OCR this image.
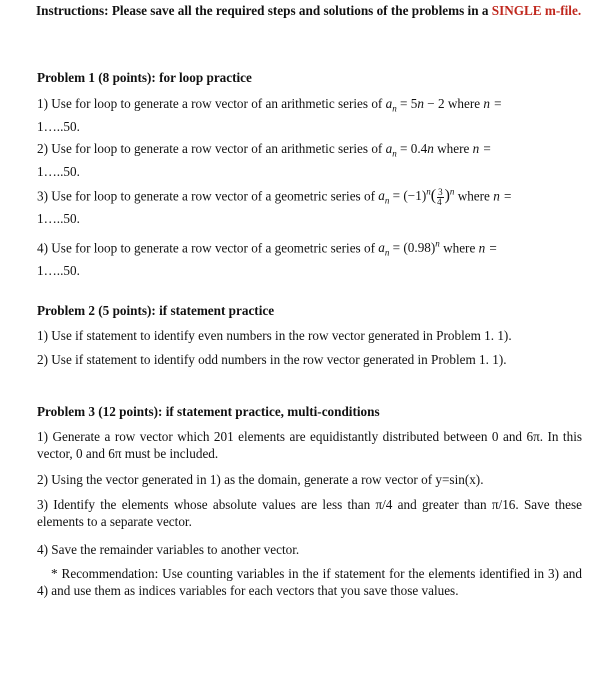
Instructions: Please save all the required steps and solutions of the problems in a SINGLE m-file.
Problem 1 (8 points): for loop practice
1) Use for loop to generate a row vector of an arithmetic series of $a_n = 5n - 2$ where n =
1…..50.
2) Use for loop to generate a row vector of an arithmetic series of $a_n = 0.4n$ where n =
1…..50.
3) Use for loop to generate a row vector of a geometric series of $a_n = (-1)^n( \frac{3}{4} )^n$ where n =
1…..50.
4) Use for loop to generate a row vector of a geometric series of $a_n = (0.98)^n$ where n =
1…..50.
Problem 2 (5 points): if statement practice
1) Use if statement to identify even numbers in the row vector generated in Problem 1. 1).
2) Use if statement to identify odd numbers in the row vector generated in Problem 1. 1).
Problem 3 (12 points): if statement practice, multi-conditions
1) Generate a row vector which 201 elements are equidistantly distributed between 0 and 6π. In this vector, 0 and 6π must be included.
2) Using the vector generated in 1) as the domain, generate a row vector of y=sin(x).
3) Identify the elements whose absolute values are less than π/4 and greater than π/16. Save these elements to a separate vector.
4) Save the remainder variables to another vector.
* Recommendation: Use counting variables in the if statement for the elements identified in 3) and 4) and use them as indices variables for each vectors that you save those values.
